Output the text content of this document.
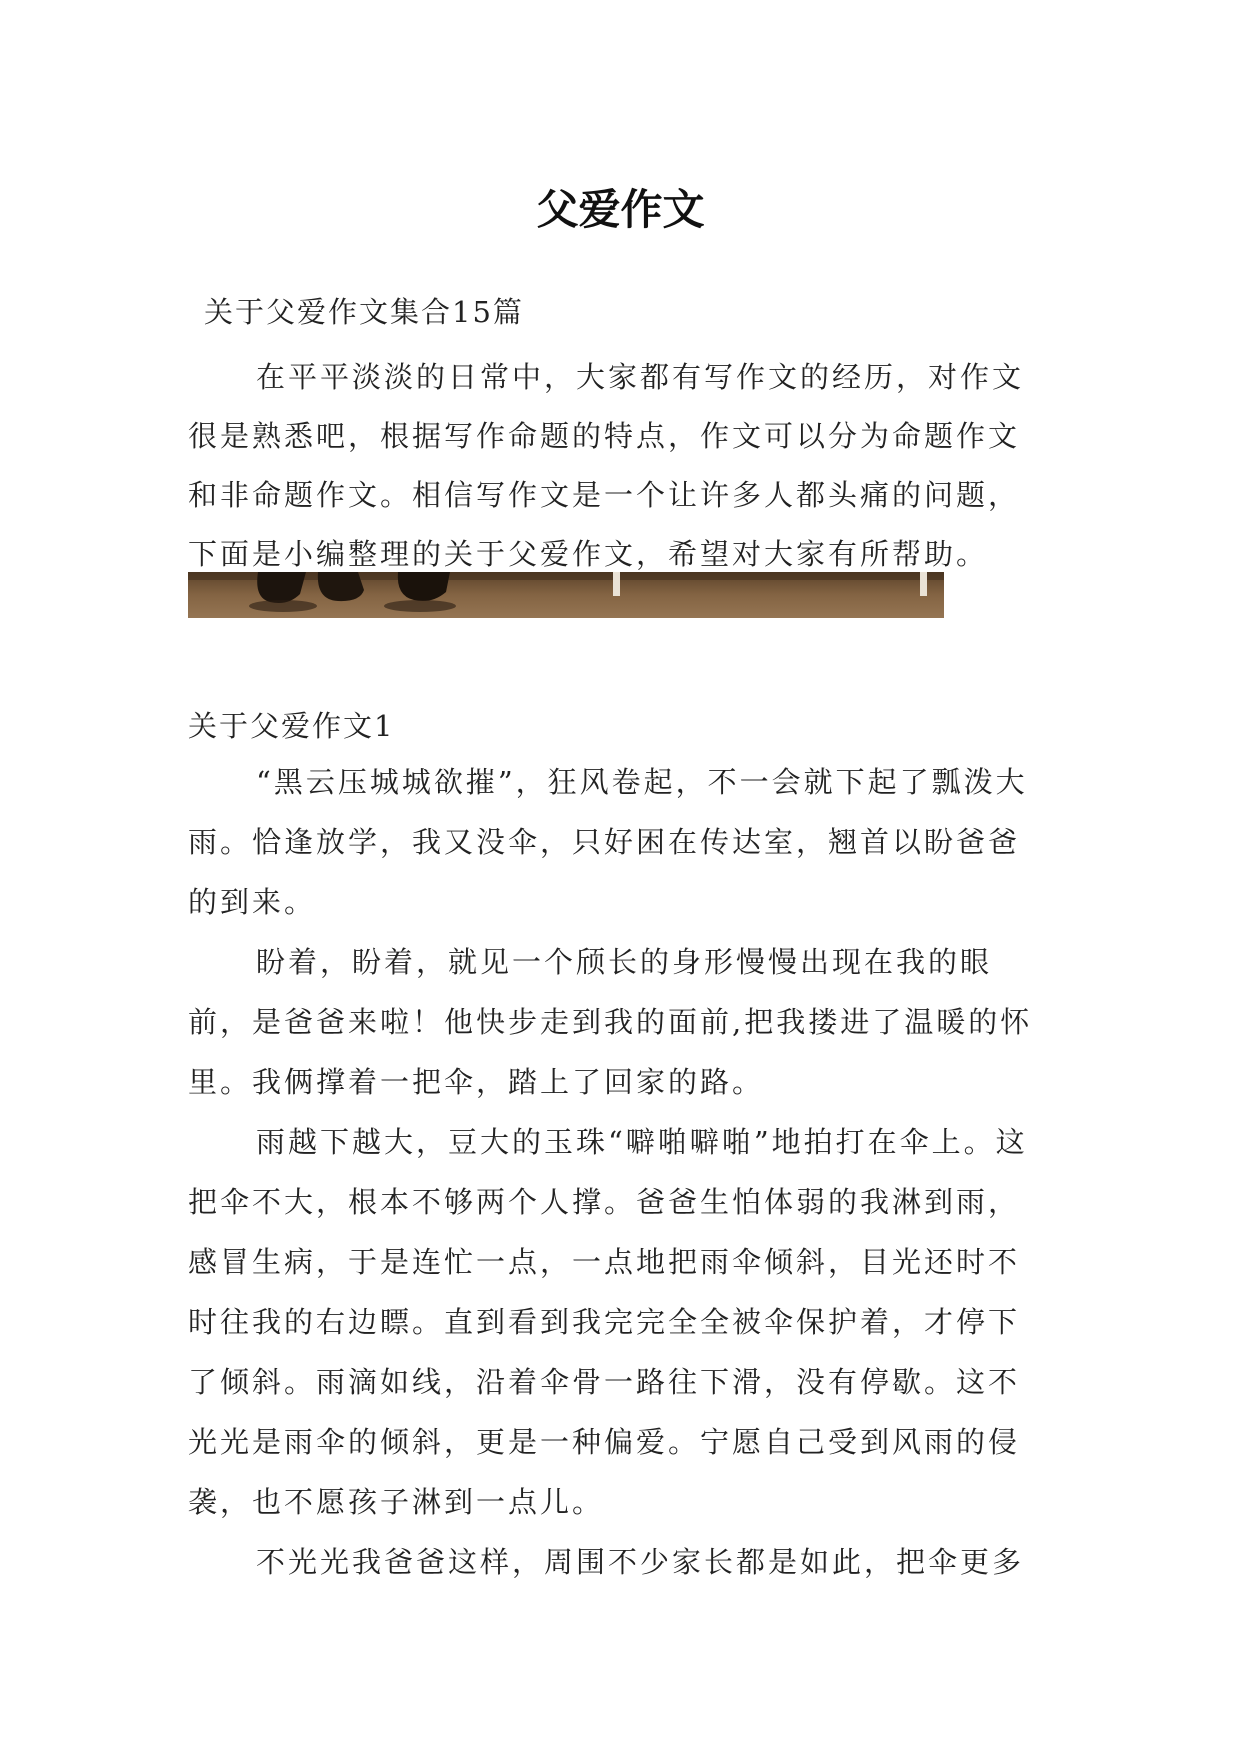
父爱作文
关于父爱作文集合15篇

在平平淡淡的日常中，大家都有写作文的经历，对作文很是熟悉吧，根据写作命题的特点，作文可以分为命题作文和非命题作文。相信写作文是一个让许多人都头痛的问题，下面是小编整理的关于父爱作文，希望对大家有所帮助。

关于父爱作文1

“黑云压城城欲摧”，狂风卷起，不一会就下起了瓢泼大雨。恰逢放学，我又没伞，只好困在传达室，翘首以盼爸爸的到来。

盼着，盼着，就见一个颀长的身形慢慢出现在我的眼前，是爸爸来啦！他快步走到我的面前,把我搂进了温暖的怀里。我俩撑着一把伞，踏上了回家的路。

雨越下越大，豆大的玉珠“噼啪噼啪”地拍打在伞上。这把伞不大，根本不够两个人撑。爸爸生怕体弱的我淋到雨，感冒生病，于是连忙一点，一点地把雨伞倾斜，目光还时不时往我的右边瞟。直到看到我完完全全被伞保护着，才停下了倾斜。雨滴如线，沿着伞骨一路往下滑，没有停歇。这不光光是雨伞的倾斜，更是一种偏爱。宁愿自己受到风雨的侵袭，也不愿孩子淋到一点儿。

不光光我爸爸这样，周围不少家长都是如此，把伞更多
